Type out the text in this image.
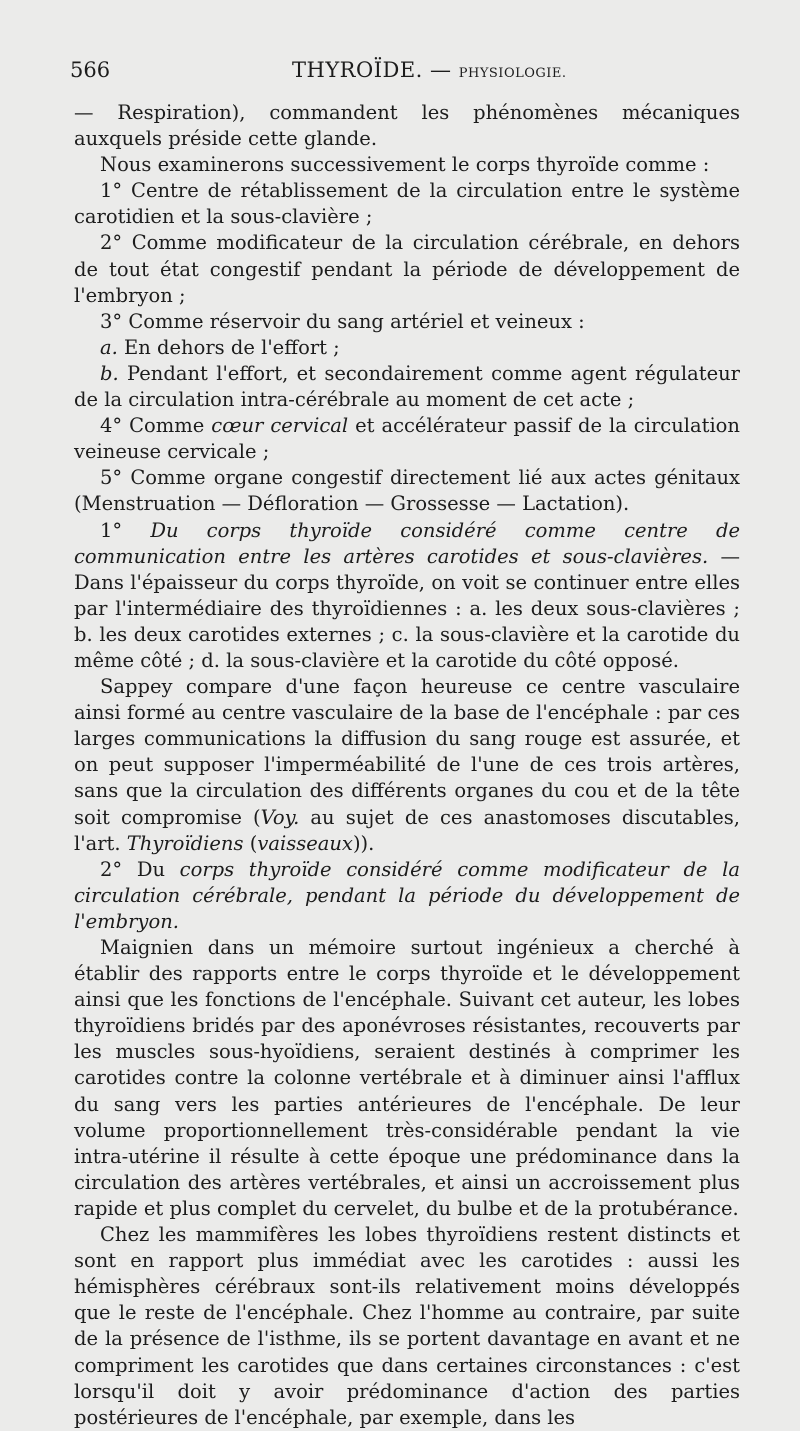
566	THYROÏDE. — PHYSIOLOGIE.

— Respiration), commandent les phénomènes mécaniques auxquels préside cette glande.

Nous examinerons successivement le corps thyroïde comme :

1° Centre de rétablissement de la circulation entre le système carotidien et la sous-clavière ;

2° Comme modificateur de la circulation cérébrale, en dehors de tout état congestif pendant la période de développement de l'embryon ;

3° Comme réservoir du sang artériel et veineux :

a. En dehors de l'effort ;

b. Pendant l'effort, et secondairement comme agent régulateur de la circulation intra-cérébrale au moment de cet acte ;

4° Comme cœur cervical et accélérateur passif de la circulation veineuse cervicale ;

5° Comme organe congestif directement lié aux actes génitaux (Menstruation — Défloration — Grossesse — Lactation).

1° Du corps thyroïde considéré comme centre de communication entre les artères carotides et sous-clavières. — Dans l'épaisseur du corps thyroïde, on voit se continuer entre elles par l'intermédiaire des thyroïdiennes : a. les deux sous-clavières ; b. les deux carotides externes ; c. la sous-clavière et la carotide du même côté ; d. la sous-clavière et la carotide du côté opposé.

Sappey compare d'une façon heureuse ce centre vasculaire ainsi formé au centre vasculaire de la base de l'encéphale : par ces larges communications la diffusion du sang rouge est assurée, et on peut supposer l'imperméabilité de l'une de ces trois artères, sans que la circulation des différents organes du cou et de la tête soit compromise (Voy. au sujet de ces anastomoses discutables, l'art. Thyroïdiens (vaisseaux)).

2° Du corps thyroïde considéré comme modificateur de la circulation cérébrale, pendant la période du développement de l'embryon.

Maignien dans un mémoire surtout ingénieux a cherché à établir des rapports entre le corps thyroïde et le développement ainsi que les fonctions de l'encéphale. Suivant cet auteur, les lobes thyroïdiens bridés par des aponévroses résistantes, recouverts par les muscles sous-hyoïdiens, seraient destinés à comprimer les carotides contre la colonne vertébrale et à diminuer ainsi l'afflux du sang vers les parties antérieures de l'encéphale. De leur volume proportionnellement très-considérable pendant la vie intra-utérine il résulte à cette époque une prédominance dans la circulation des artères vertébrales, et ainsi un accroissement plus rapide et plus complet du cervelet, du bulbe et de la protubérance.

Chez les mammifères les lobes thyroïdiens restent distincts et sont en rapport plus immédiat avec les carotides : aussi les hémisphères cérébraux sont-ils relativement moins développés que le reste de l'encéphale. Chez l'homme au contraire, par suite de la présence de l'isthme, ils se portent davantage en avant et ne compriment les carotides que dans certaines circonstances : c'est lorsqu'il doit y avoir prédominance d'action des parties postérieures de l'encéphale, par exemple, dans les
